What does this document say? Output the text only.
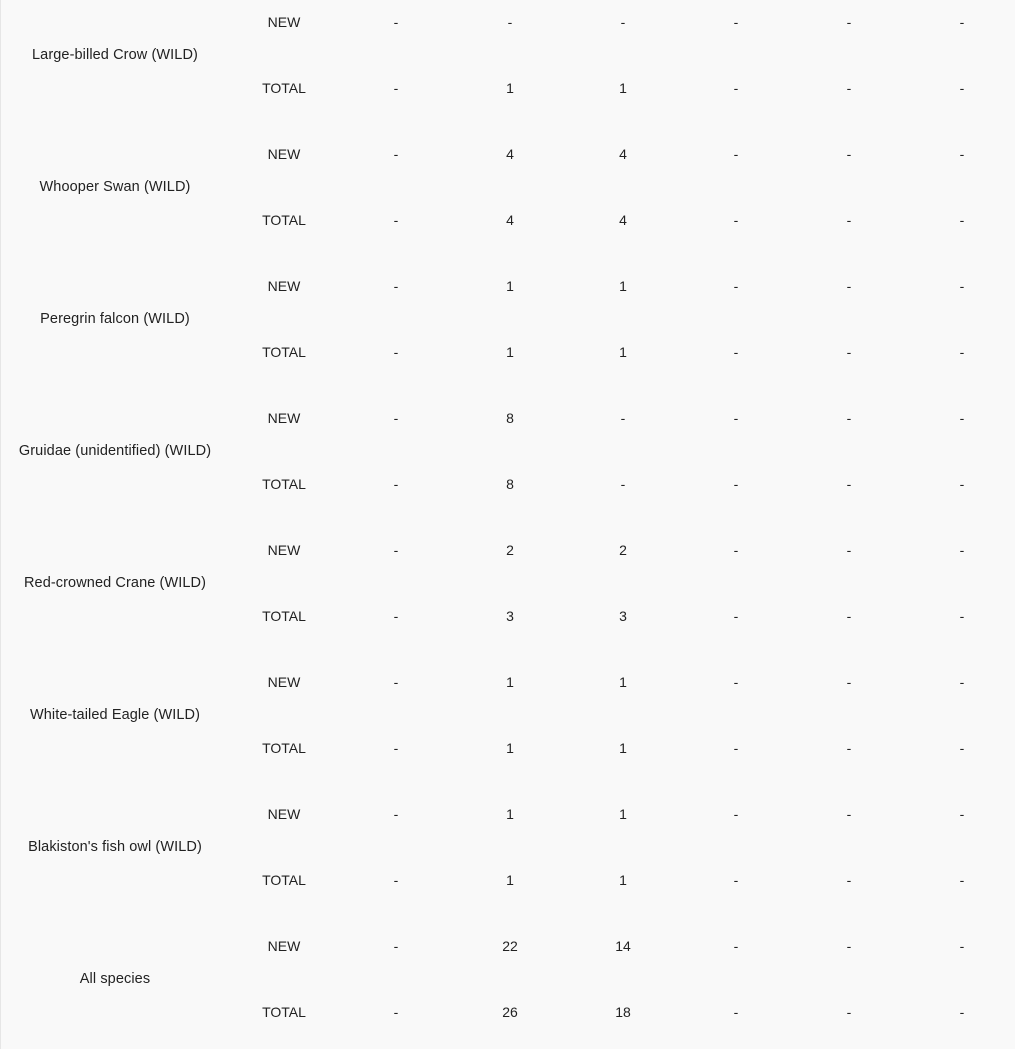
Large-billed Crow (WILD)
NEW	-	-	-	-	-	-
TOTAL	-	1	1	-	-	-
Whooper Swan (WILD)
NEW	-	4	4	-	-	-
TOTAL	-	4	4	-	-	-
Peregrin falcon (WILD)
NEW	-	1	1	-	-	-
TOTAL	-	1	1	-	-	-
Gruidae (unidentified) (WILD)
NEW	-	8	-	-	-	-
TOTAL	-	8	-	-	-	-
Red-crowned Crane (WILD)
NEW	-	2	2	-	-	-
TOTAL	-	3	3	-	-	-
White-tailed Eagle (WILD)
NEW	-	1	1	-	-	-
TOTAL	-	1	1	-	-	-
Blakiston's fish owl (WILD)
NEW	-	1	1	-	-	-
TOTAL	-	1	1	-	-	-
All species
NEW	-	22	14	-	-	-
TOTAL	-	26	18	-	-	-
